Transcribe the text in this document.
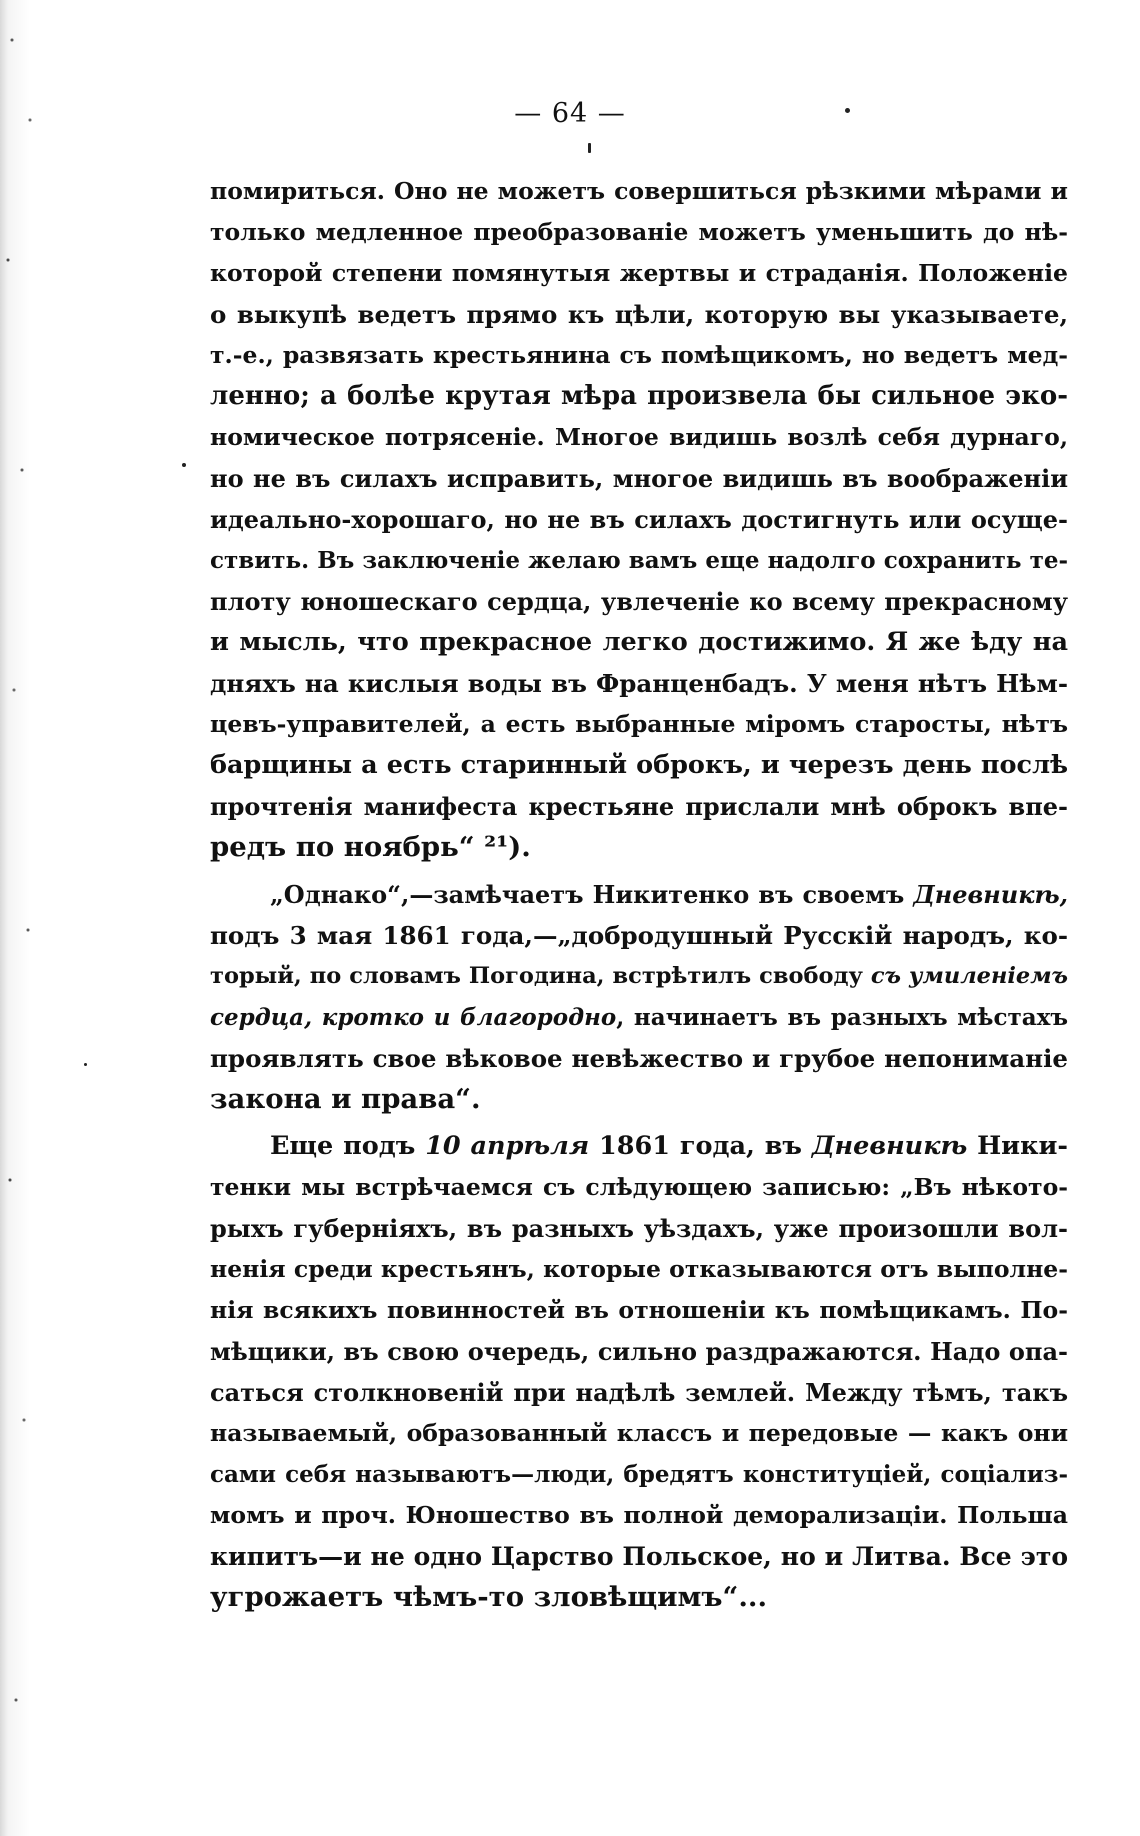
— 64 —
помириться. Оно не можетъ совершиться рѣзкими мѣрами и
только медленное преобразованіе можетъ уменьшить до нѣ-
которой степени помянутыя жертвы и страданія. Положеніе
о выкупѣ ведетъ прямо къ цѣли, которую вы указываете,
т.-е., развязать крестьянина съ помѣщикомъ, но ведетъ мед-
ленно; а болѣе крутая мѣра произвела бы сильное эко-
номическое потрясеніе. Многое видишь возлѣ себя дурнаго,
но не въ силахъ исправить, многое видишь въ воображеніи
идеально-хорошаго, но не въ силахъ достигнуть или осуще-
ствить. Въ заключеніе желаю вамъ еще надолго сохранить те-
плоту юношескаго сердца, увлеченіе ко всему прекрасному
и мысль, что прекрасное легко достижимо. Я же ѣду на
дняхъ на кислыя воды въ Франценбадъ. У меня нѣтъ Нѣм-
цевъ-управителей, а есть выбранные міромъ старосты, нѣтъ
барщины а есть старинный оброкъ, и черезъ день послѣ
прочтенія манифеста крестьяне прислали мнѣ оброкъ впе-
редъ по ноябрь“ ²¹).
„Однако“,—замѣчаетъ Никитенко въ своемъ Дневникѣ,
подъ 3 мая 1861 года,—„добродушный Русскій народъ, ко-
торый, по словамъ Погодина, встрѣтилъ свободу съ умиленіемъ
сердца, кротко и благородно, начинаетъ въ разныхъ мѣстахъ
проявлять свое вѣковое невѣжество и грубое непониманіе
закона и права“.
Еще подъ 10 апрѣля 1861 года, въ Дневникѣ Ники-
тенки мы встрѣчаемся съ слѣдующею записью: „Въ нѣкото-
рыхъ губерніяхъ, въ разныхъ уѣздахъ, уже произошли вол-
ненія среди крестьянъ, которые отказываются отъ выполне-
нія всякихъ повинностей въ отношеніи къ помѣщикамъ. По-
мѣщики, въ свою очередь, сильно раздражаются. Надо опа-
саться столкновеній при надѣлѣ землей. Между тѣмъ, такъ
называемый, образованный классъ и передовые — какъ они
сами себя называютъ—люди, бредятъ конституціей, соціализ-
момъ и проч. Юношество въ полной деморализаціи. Польша
кипитъ—и не одно Царство Польское, но и Литва. Все это
угрожаетъ чѣмъ-то зловѣщимъ“...
